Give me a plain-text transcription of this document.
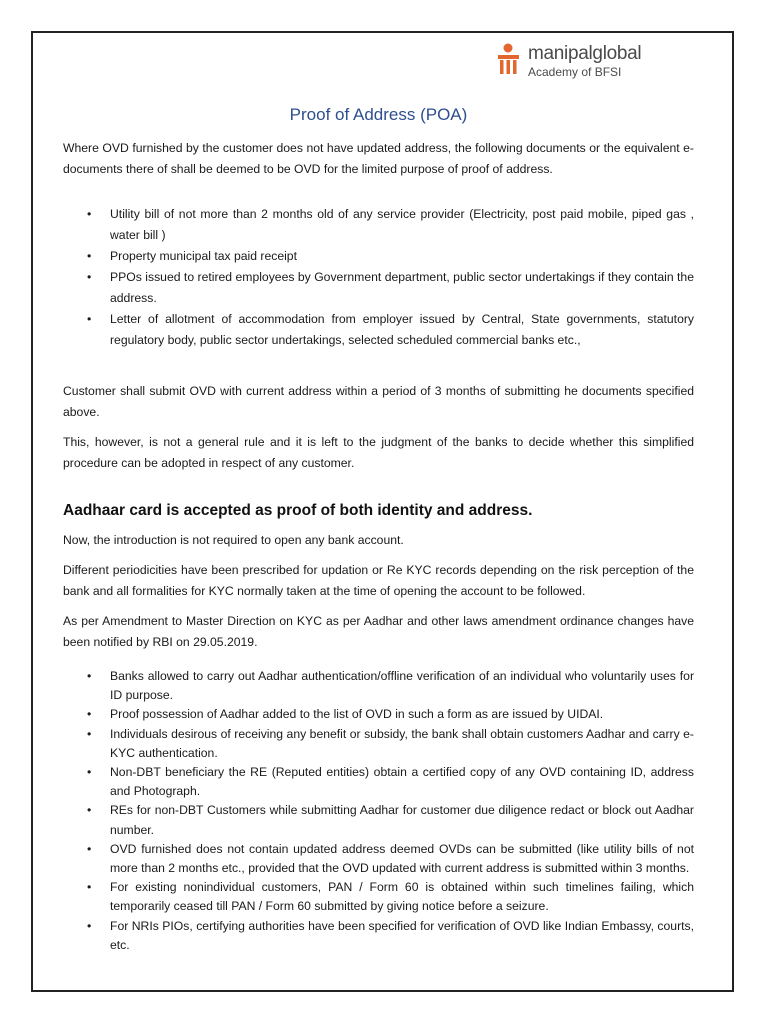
manipalglobal
Academy of BFSI
Proof of Address (POA)

Where OVD furnished by the customer does not have updated address, the following documents or the equivalent e-documents there of shall be deemed to be OVD for the limited purpose of proof of address.

• Utility bill of not more than 2 months old of any service provider (Electricity, post paid mobile, piped gas , water bill )
• Property municipal tax paid receipt
• PPOs issued to retired employees by Government department, public sector undertakings if they contain the address.
• Letter of allotment of accommodation from employer issued by Central, State governments, statutory regulatory body, public sector undertakings, selected scheduled commercial banks etc.,

Customer shall submit OVD with current address within a period of 3 months of submitting he documents specified above.

This, however, is not a general rule and it is left to the judgment of the banks to decide whether this simplified procedure can be adopted in respect of any customer.

Aadhaar card is accepted as proof of both identity and address.

Now, the introduction is not required to open any bank account.

Different periodicities have been prescribed for updation or Re KYC records depending on the risk perception of the bank and all formalities for KYC normally taken at the time of opening the account to be followed.

As per Amendment to Master Direction on KYC as per Aadhar and other laws amendment ordinance changes have been notified by RBI on 29.05.2019.

• Banks allowed to carry out Aadhar authentication/offline verification of an individual who voluntarily uses for ID purpose.
• Proof possession of Aadhar added to the list of OVD in such a form as are issued by UIDAI.
• Individuals desirous of receiving any benefit or subsidy, the bank shall obtain customers Aadhar and carry e-KYC authentication.
• Non-DBT beneficiary the RE (Reputed entities) obtain a certified copy of any OVD containing ID, address and Photograph.
• REs for non-DBT Customers while submitting Aadhar for customer due diligence redact or block out Aadhar number.
• OVD furnished does not contain updated address deemed OVDs can be submitted (like utility bills of not more than 2 months etc., provided that the OVD updated with current address is submitted within 3 months.
• For existing nonindividual customers, PAN / Form 60 is obtained within such timelines failing, which temporarily ceased till PAN / Form 60 submitted by giving notice before a seizure.
• For NRIs PIOs, certifying authorities have been specified for verification of OVD like Indian Embassy, courts, etc.
